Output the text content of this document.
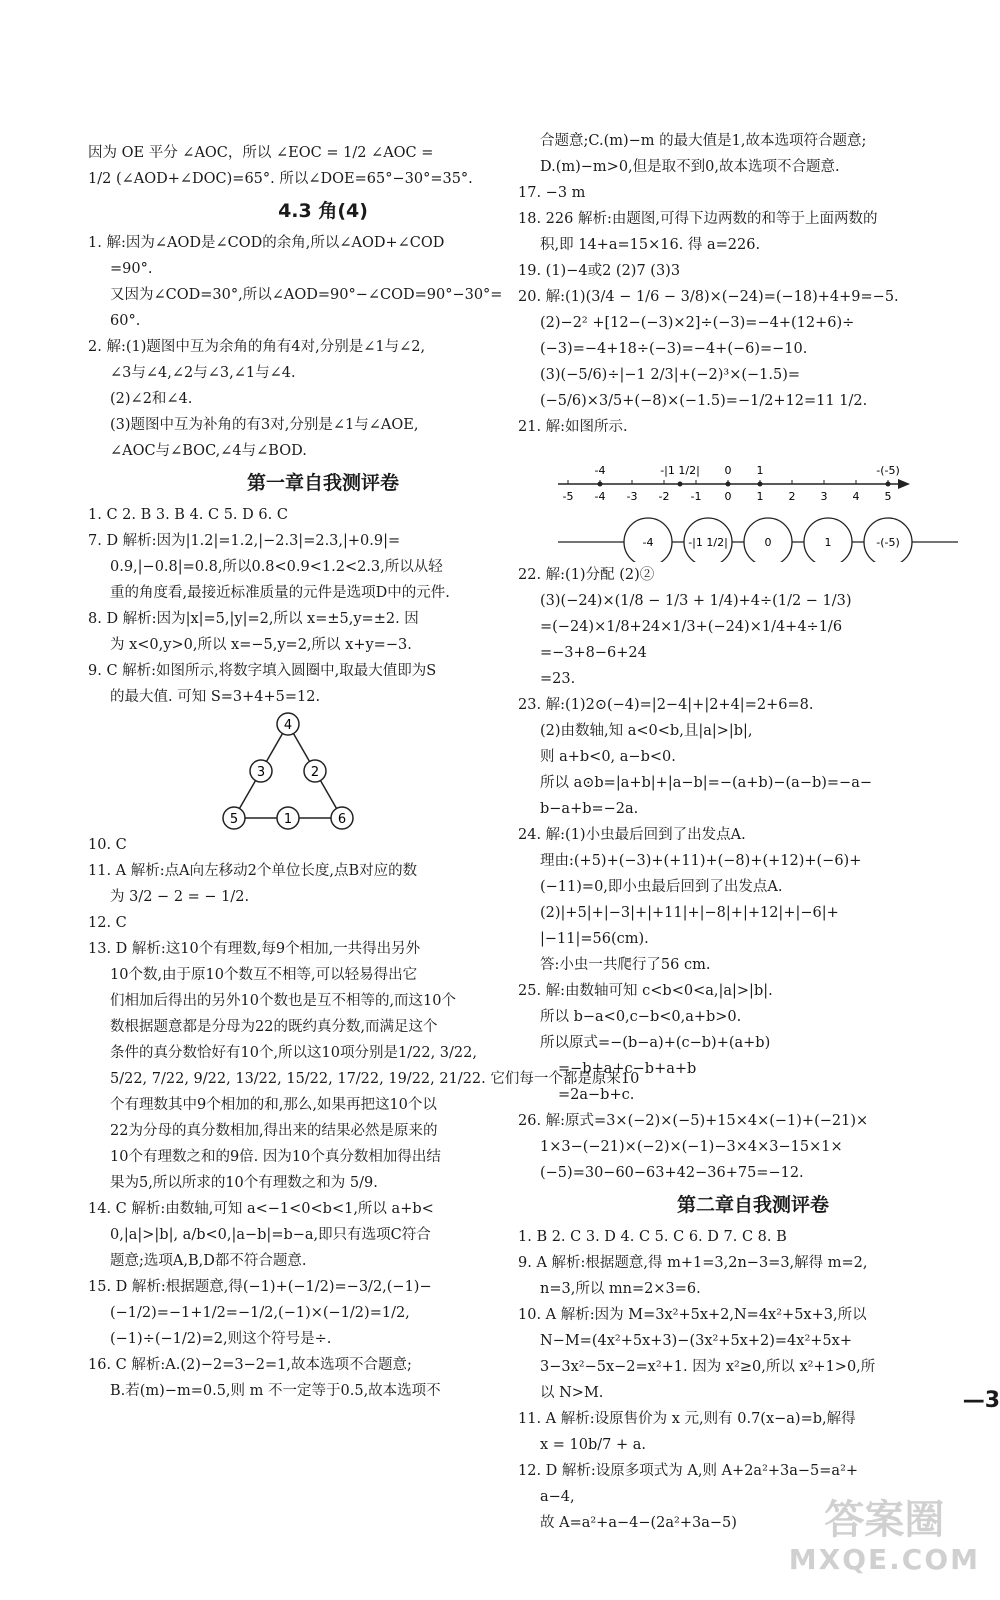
因为 OE 平分 ∠AOC，所以 ∠EOC = 1/2 ∠AOC =
1/2 (∠AOD+∠DOC)=65°. 所以∠DOE=65°−30°=35°.
4.3 角(4)
1. 解:因为∠AOD是∠COD的余角,所以∠AOD+∠COD
=90°.
又因为∠COD=30°,所以∠AOD=90°−∠COD=90°−30°=
60°.
2. 解:(1)题图中互为余角的角有4对,分别是∠1与∠2,
∠3与∠4,∠2与∠3,∠1与∠4.
(2)∠2和∠4.
(3)题图中互为补角的有3对,分别是∠1与∠AOE,
∠AOC与∠BOC,∠4与∠BOD.
第一章自我测评卷
1. C 2. B 3. B 4. C 5. D 6. C
7. D 解析:因为|1.2|=1.2,|−2.3|=2.3,|+0.9|=
0.9,|−0.8|=0.8,所以0.8<0.9<1.2<2.3,所以从轻
重的角度看,最接近标准质量的元件是选项D中的元件.
8. D 解析:因为|x|=5,|y|=2,所以 x=±5,y=±2. 因
为 x<0,y>0,所以 x=−5,y=2,所以 x+y=−3.
9. C 解析:如图所示,将数字填入圆圈中,取最大值即为S
的最大值. 可知 S=3+4+5=12.
4
3	2
5	1	6
10. C
11. A 解析:点A向左移动2个单位长度,点B对应的数
为 3/2 − 2 = − 1/2.
12. C
13. D 解析:这10个有理数,每9个相加,一共得出另外
10个数,由于原10个数互不相等,可以轻易得出它
们相加后得出的另外10个数也是互不相等的,而这10个
数根据题意都是分母为22的既约真分数,而满足这个
条件的真分数恰好有10个,所以这10项分别是1/22, 3/22,
5/22, 7/22, 9/22, 13/22, 15/22, 17/22, 19/22, 21/22. 它们每一个都是原来10
个有理数其中9个相加的和,那么,如果再把这10个以
22为分母的真分数相加,得出来的结果必然是原来的
10个有理数之和的9倍. 因为10个真分数相加得出结
果为5,所以所求的10个有理数之和为 5/9.
14. C 解析:由数轴,可知 a<−1<0<b<1,所以 a+b<
0,|a|>|b|, a/b<0,|a−b|=b−a,即只有选项C符合
题意;选项A,B,D都不符合题意.
15. D 解析:根据题意,得(−1)+(−1/2)=−3/2,(−1)−
(−1/2)=−1+1/2=−1/2,(−1)×(−1/2)=1/2,
(−1)÷(−1/2)=2,则这个符号是÷.
16. C 解析:A.(2)−2=3−2=1,故本选项不合题意;
B.若(m)−m=0.5,则 m 不一定等于0.5,故本选项不
合题意;C.(m)−m 的最大值是1,故本选项符合题意;
D.(m)−m>0,但是取不到0,故本选项不合题意.
17. −3 m
18. 226 解析:由题图,可得下边两数的和等于上面两数的
积,即 14+a=15×16. 得 a=226.
19. (1)−4或2 (2)7 (3)3
20. 解:(1)(3/4 − 1/6 − 3/8)×(−24)=(−18)+4+9=−5.
(2)−2² +[12−(−3)×2]÷(−3)=−4+(12+6)÷
(−3)=−4+18÷(−3)=−4+(−6)=−10.
(3)(−5/6)÷|−1 2/3|+(−2)³×(−1.5)=
(−5/6)×3/5+(−8)×(−1.5)=−1/2+12=11 1/2.
21. 解:如图所示.
-5 -4 -3 -2 -1 0 1 2 3 4 5
-4	-|1 1/2| 0 1	-(-5)
-4	-|1 1/2|	0	1	-(-5)
22. 解:(1)分配 (2)②
(3)(−24)×(1/8 − 1/3 + 1/4)+4÷(1/2 − 1/3)
=(−24)×1/8+24×1/3+(−24)×1/4+4÷1/6
=−3+8−6+24
=23.
23. 解:(1)2⊙(−4)=|2−4|+|2+4|=2+6=8.
(2)由数轴,知 a<0<b,且|a|>|b|,
则 a+b<0, a−b<0.
所以 a⊙b=|a+b|+|a−b|=−(a+b)−(a−b)=−a−
b−a+b=−2a.
24. 解:(1)小虫最后回到了出发点A.
理由:(+5)+(−3)+(+11)+(−8)+(+12)+(−6)+
(−11)=0,即小虫最后回到了出发点A.
(2)|+5|+|−3|+|+11|+|−8|+|+12|+|−6|+
|−11|=56(cm).
答:小虫一共爬行了56 cm.
25. 解:由数轴可知 c<b<0<a,|a|>|b|.
所以 b−a<0,c−b<0,a+b>0.
所以原式=−(b−a)+(c−b)+(a+b)
=−b+a+c−b+a+b
=2a−b+c.
26. 解:原式=3×(−2)×(−5)+15×4×(−1)+(−21)×
1×3−(−21)×(−2)×(−1)−3×4×3−15×1×
(−5)=30−60−63+42−36+75=−12.
第二章自我测评卷
1. B 2. C 3. D 4. C 5. C 6. D 7. C 8. B
9. A 解析:根据题意,得 m+1=3,2n−3=3,解得 m=2,
n=3,所以 mn=2×3=6.
10. A 解析:因为 M=3x²+5x+2,N=4x²+5x+3,所以
N−M=(4x²+5x+3)−(3x²+5x+2)=4x²+5x+
3−3x²−5x−2=x²+1. 因为 x²≥0,所以 x²+1>0,所
以 N>M.
11. A 解析:设原售价为 x 元,则有 0.7(x−a)=b,解得
x = 10b/7 + a.
12. D 解析:设原多项式为 A,则 A+2a²+3a−5=a²+
a−4,
故 A=a²+a−4−(2a²+3a−5)
—3
答案圈
MXQE.COM
